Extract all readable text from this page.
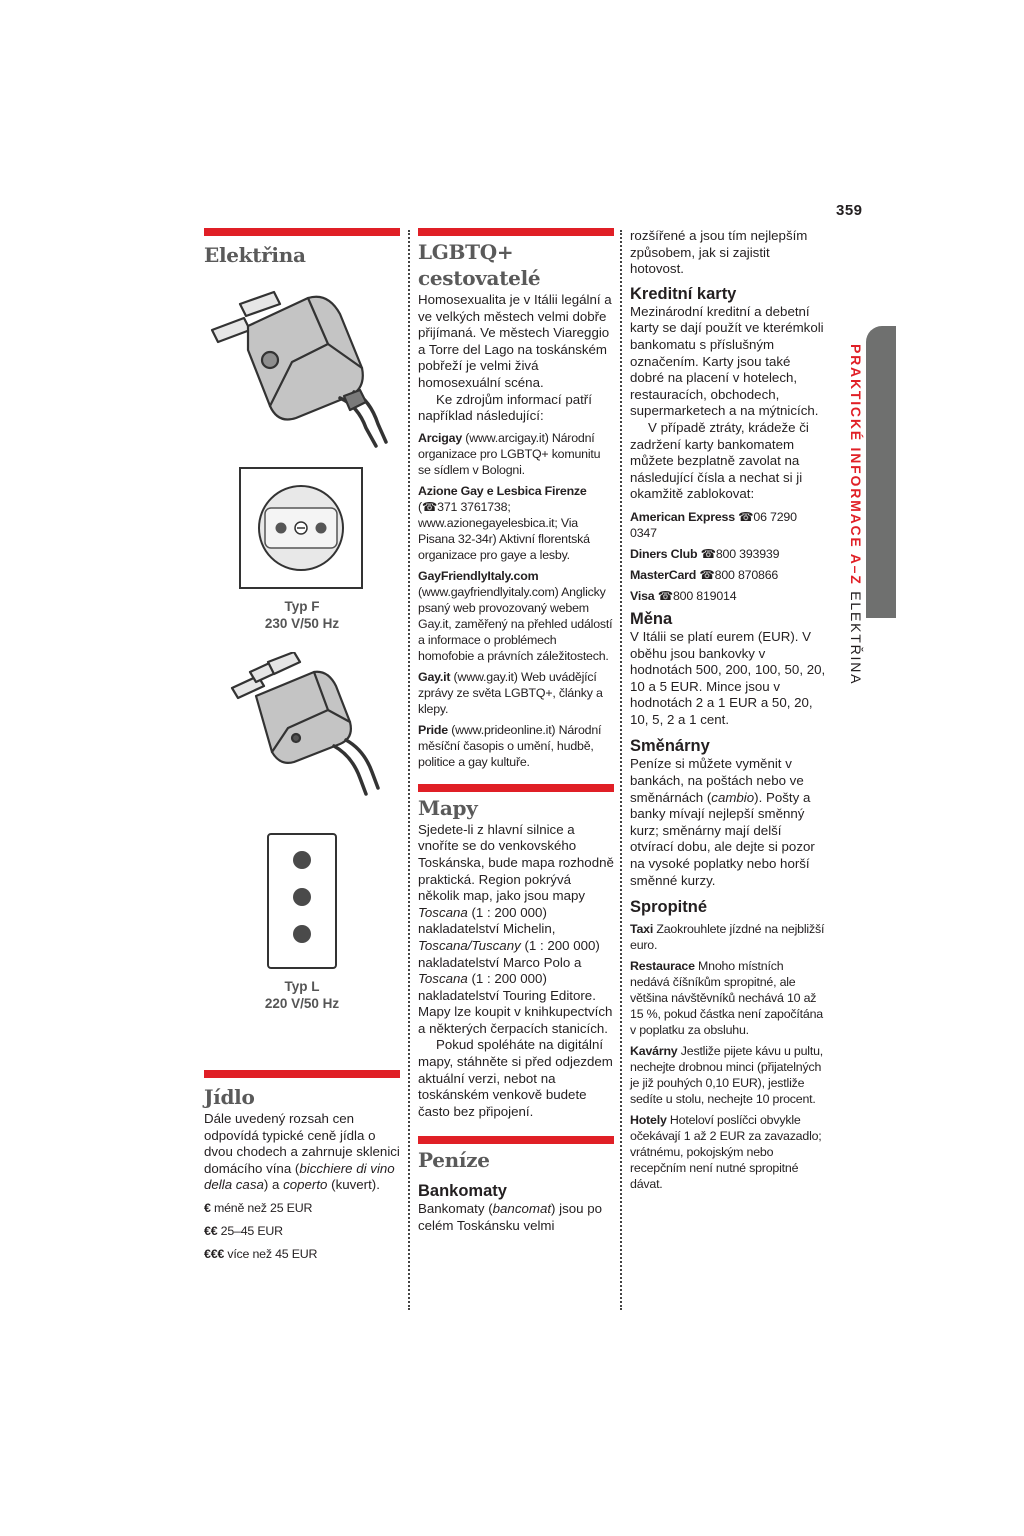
359
PRAKTICKÉ INFORMACE A–Z ELEKTŘINA
Elektřina
Typ F
230 V/50 Hz
Typ L
220 V/50 Hz
Jídlo

Dále uvedený rozsah cen odpovídá typické ceně jídla o dvou chodech a zahrnuje sklenici domácího vína (bicchiere di vino della casa) a coperto (kuvert).

€ méně než 25 EUR

€€ 25–45 EUR

€€€ více než 45 EUR

LGBTQ+ cestovatelé

Homosexualita je v Itálii legální a ve velkých městech velmi dobře přijímaná. Ve městech Viareggio a Torre del Lago na toskánském pobřeží je velmi živá homosexuální scéna.

Ke zdrojům informací patří například následující:

Arcigay (www.arcigay.it) Národní organizace pro LGBTQ+ komunitu se sídlem v Bologni.

Azione Gay e Lesbica Firenze (☎371 3761738; www.azionegayelesbica.it; Via Pisana 32-34r) Aktivní florentská organizace pro gaye a lesby.

GayFriendlyItaly.com (www.gayfriendlyitaly.com) Anglicky psaný web provozovaný webem Gay.it, zaměřený na přehled událostí a informace o problémech homofobie a právních záležitostech.

Gay.it (www.gay.it) Web uvádějící zprávy ze světa LGBTQ+, články a klepy.

Pride (www.prideonline.it) Národní měsíční časopis o umění, hudbě, politice a gay kultuře.

Mapy

Sjedete-li z hlavní silnice a vnoříte se do venkovského Toskánska, bude mapa rozhodně praktická. Region pokrývá několik map, jako jsou mapy Toscana (1 : 200 000) nakladatelství Michelin, Toscana/Tuscany (1 : 200 000) nakladatelství Marco Polo a Toscana (1 : 200 000) nakladatelství Touring Editore. Mapy lze koupit v knihkupectvích a některých čerpacích stanicích.

Pokud spoléháte na digitální mapy, stáhněte si před odjezdem aktuální verzi, nebot na toskánském venkově budete často bez připojení.

Peníze
Bankomaty

Bankomaty (bancomat) jsou po celém Toskánsku velmi

rozšířené a jsou tím nejlepším způsobem, jak si zajistit hotovost.

Kreditní karty

Mezinárodní kreditní a debetní karty se dají použít ve kterémkoli bankomatu s příslušným označením. Karty jsou také dobré na placení v hotelech, restauracích, obchodech, supermarketech a na mýtnicích.

V případě ztráty, krádeže či zadržení karty bankomatem můžete bezplatně zavolat na následující čísla a nechat si ji okamžitě zablokovat:

American Express ☎06 7290 0347

Diners Club ☎800 393939

MasterCard ☎800 870866

Visa ☎800 819014

Měna

V Itálii se platí eurem (EUR). V oběhu jsou bankovky v hodnotách 500, 200, 100, 50, 20, 10 a 5 EUR. Mince jsou v hodnotách 2 a 1 EUR a 50, 20, 10, 5, 2 a 1 cent.

Směnárny

Peníze si můžete vyměnit v bankách, na poštách nebo ve směnárnách (cambio). Pošty a banky mívají nejlepší směnný kurz; směnárny mají delší otvírací dobu, ale dejte si pozor na vysoké poplatky nebo horší směnné kurzy.

Spropitné

Taxi Zaokrouhlete jízdné na nejbližší euro.

Restaurace Mnoho místních nedává číšníkům spropitné, ale většina návštěvníků nechává 10 až 15 %, pokud částka není započítána v poplatku za obsluhu.

Kavárny Jestliže pijete kávu u pultu, nechejte drobnou minci (přijatelných je již pouhých 0,10 EUR), jestliže sedíte u stolu, nechejte 10 procent.

Hotely Hoteloví poslíčci obvykle očekávají 1 až 2 EUR za zavazadlo; vrátnému, pokojským nebo recepčním není nutné spropitné dávat.
